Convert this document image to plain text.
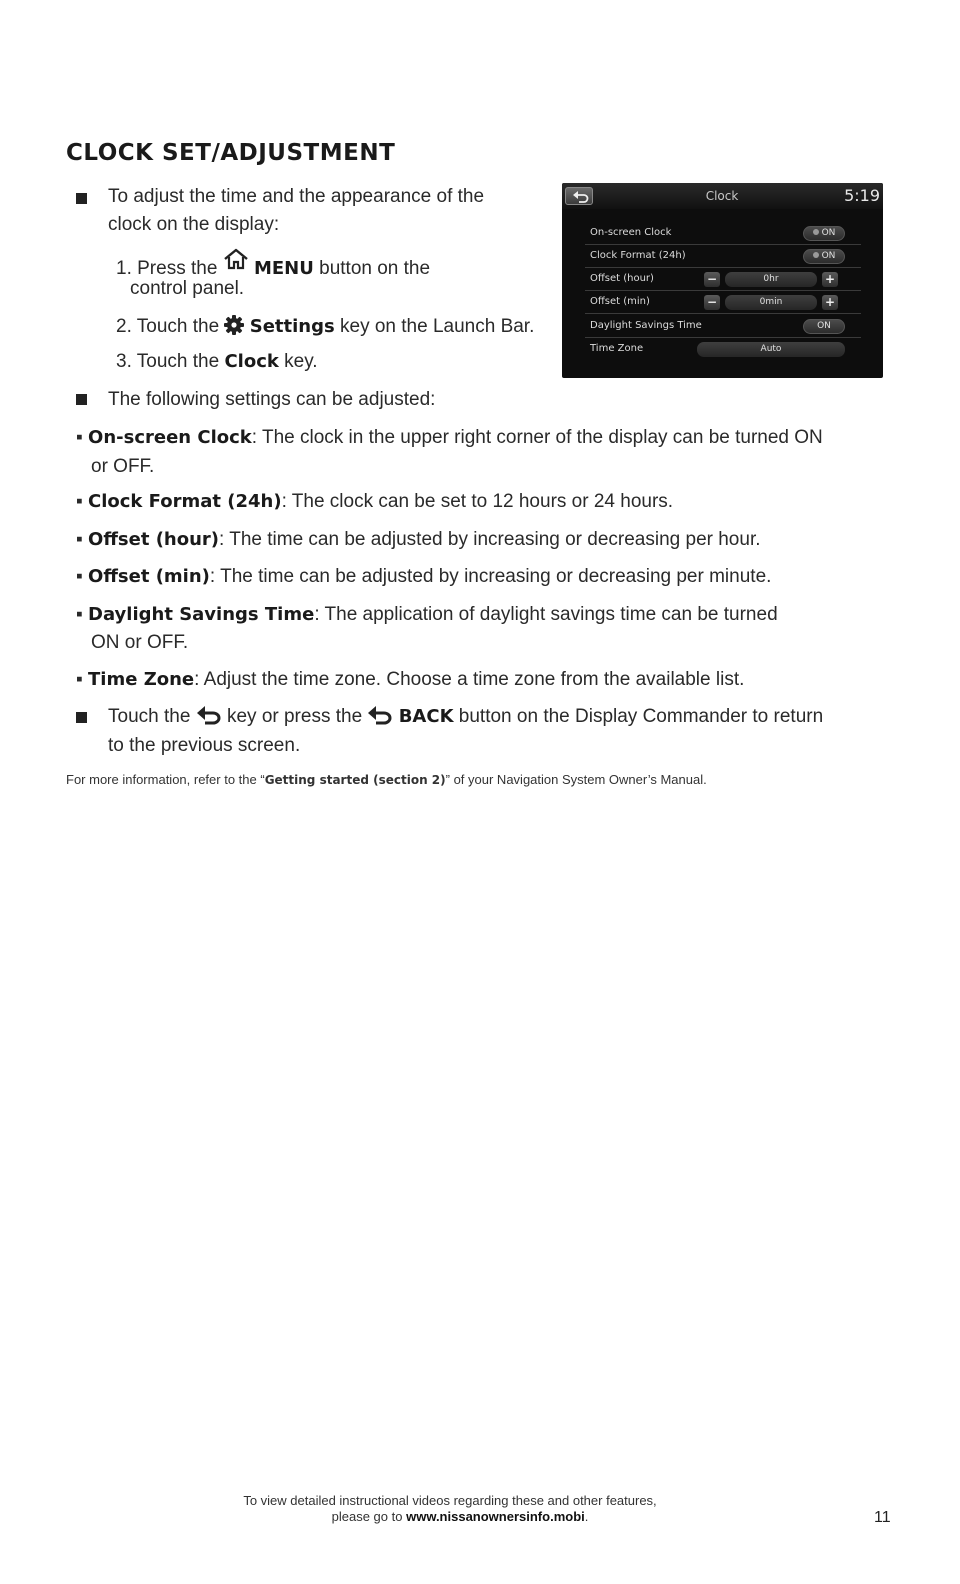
CLOCK SET/ADJUSTMENT
To adjust the time and the appearance of the
clock on the display:
1. Press the MENU button on the
control panel.
2. Touch the Settings key on the Launch Bar.
3. Touch the Clock key.
The following settings can be adjusted:
▪ On-screen Clock: The clock in the upper right corner of the display can be turned ON
or OFF.
▪ Clock Format (24h): The clock can be set to 12 hours or 24 hours.
▪ Offset (hour): The time can be adjusted by increasing or decreasing per hour.
▪ Offset (min): The time can be adjusted by increasing or decreasing per minute.
▪ Daylight Savings Time: The application of daylight savings time can be turned
ON or OFF.
▪ Time Zone: Adjust the time zone. Choose a time zone from the available list.
Touch the key or press the BACK button on the Display Commander to return
to the previous screen.
For more information, refer to the “Getting started (section 2)” of your Navigation System Owner’s Manual.
Clock	5:19
On-screen Clock	ON
Clock Format (24h)	ON
Offset (hour)	−	0hr	+
Offset (min)	−	0min	+
Daylight Savings Time	ON
Time Zone	Auto
To view detailed instructional videos regarding these and other features,
please go to www.nissanownersinfo.mobi.	11
